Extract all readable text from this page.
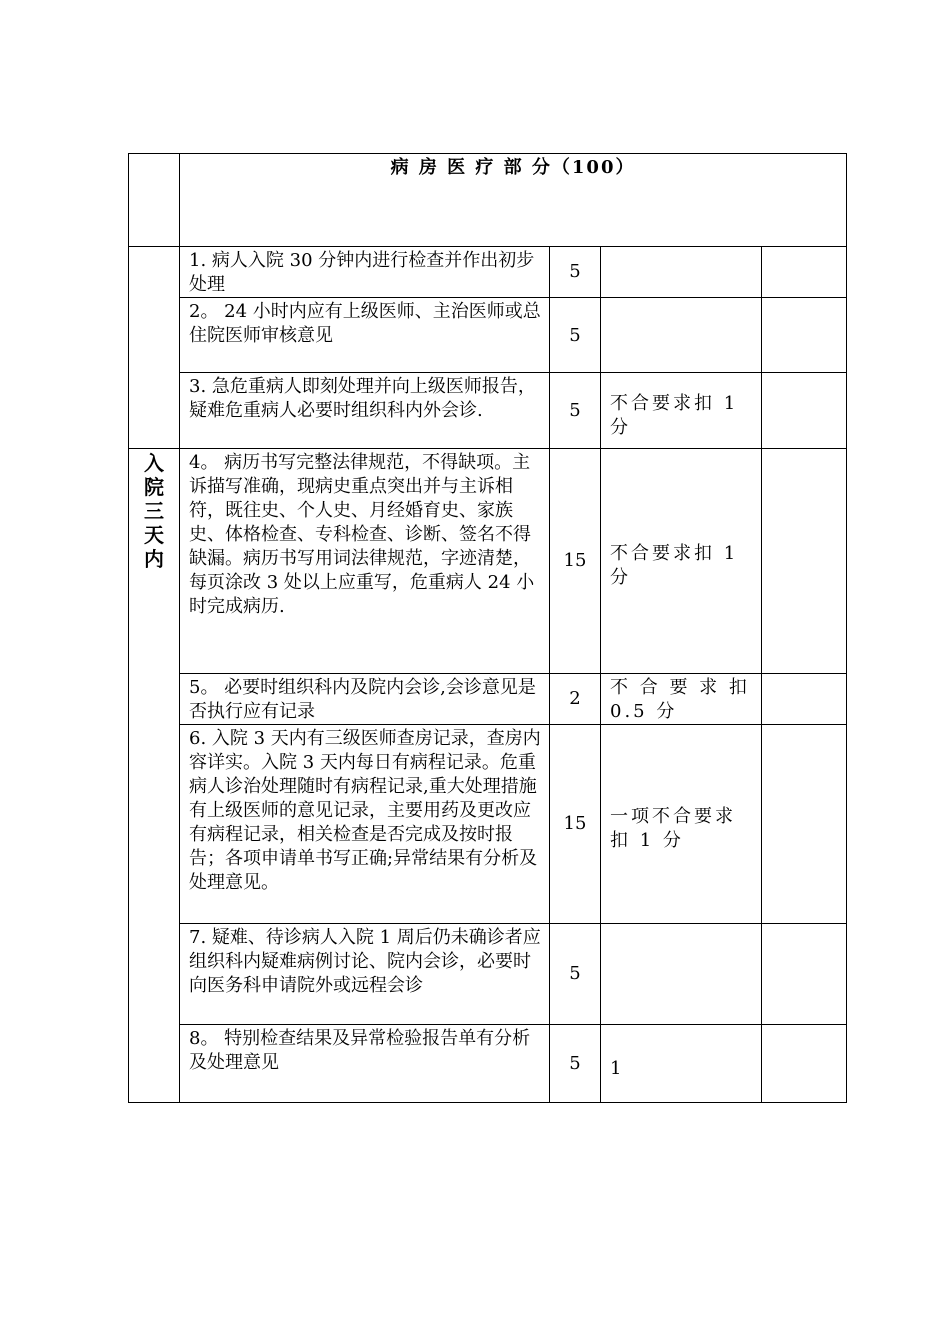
	病 房 医 疗 部 分（100）			
	1. 病人入院 30 分钟内进行检查并作出初步处理	5		
	2。 24 小时内应有上级医师、主治医师或总住院医师审核意见	5		
	3. 急危重病人即刻处理并向上级医师报告，疑难危重病人必要时组织科内外会诊.	5	不合要求扣 1 分	

入院三天内	4。 病历书写完整法律规范，不得缺项。主诉描写准确，现病史重点突出并与主诉相符，既往史、个人史、月经婚育史、家族史、体格检查、专科检查、诊断、签名不得缺漏。病历书写用词法律规范，字迹清楚，每页涂改 3 处以上应重写，危重病人 24 小时完成病历.	15	不合要求扣 1 分	
	5。 必要时组织科内及院内会诊,会诊意见是否执行应有记录	2	不 合 要 求 扣 0.5 分	
	6. 入院 3 天内有三级医师查房记录，查房内容详实。入院 3 天内每日有病程记录。危重病人诊治处理随时有病程记录,重大处理措施有上级医师的意见记录，主要用药及更改应有病程记录，相关检查是否完成及按时报告；各项申请单书写正确;异常结果有分析及处理意见。	15	一项不合要求扣 1 分	
	7. 疑难、待诊病人入院 1 周后仍未确诊者应组织科内疑难病例讨论、院内会诊，必要时向医务科申请院外或远程会诊	5		
	8。 特别检查结果及异常检验报告单有分析及处理意见	5	1	
